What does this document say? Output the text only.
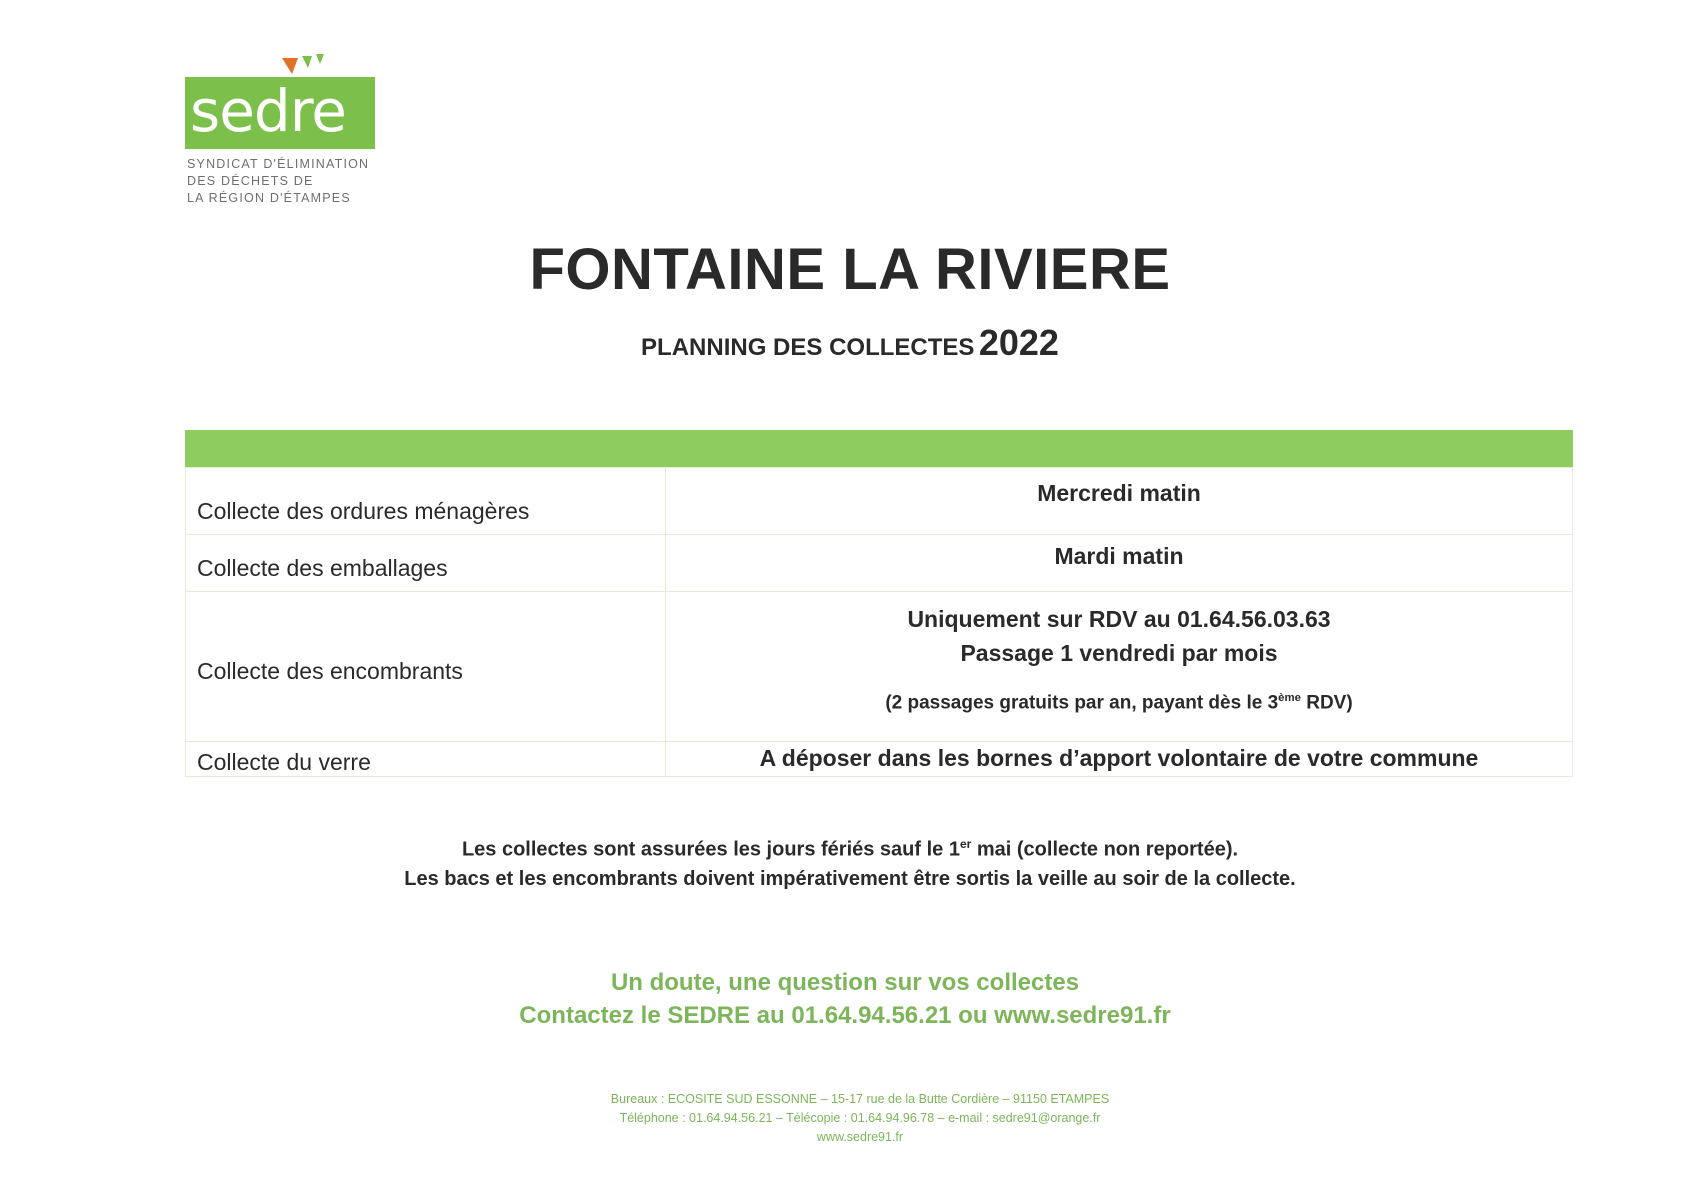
sedre
SYNDICAT D'ÉLIMINATION
DES DÉCHETS DE
LA RÉGION D'ÉTAMPES
FONTAINE LA RIVIERE
PLANNING DES COLLECTES 2022
Collecte des ordures ménagères	Mercredi matin
Collecte des emballages	Mardi matin
Collecte des encombrants	Uniquement sur RDV au 01.64.56.03.63
Passage 1 vendredi par mois
(2 passages gratuits par an, payant dès le 3ème RDV)

Collecte du verre	A déposer dans les bornes d’apport volontaire de votre commune
Les collectes sont assurées les jours fériés sauf le 1er mai (collecte non reportée).
Les bacs et les encombrants doivent impérativement être sortis la veille au soir de la collecte.
Un doute, une question sur vos collectes
Contactez le SEDRE au 01.64.94.56.21 ou www.sedre91.fr
Bureaux : ECOSITE SUD ESSONNE – 15-17 rue de la Butte Cordière – 91150 ETAMPES
Téléphone : 01.64.94.56.21 – Télécopie : 01.64.94.96.78 – e-mail : sedre91@orange.fr
www.sedre91.fr
